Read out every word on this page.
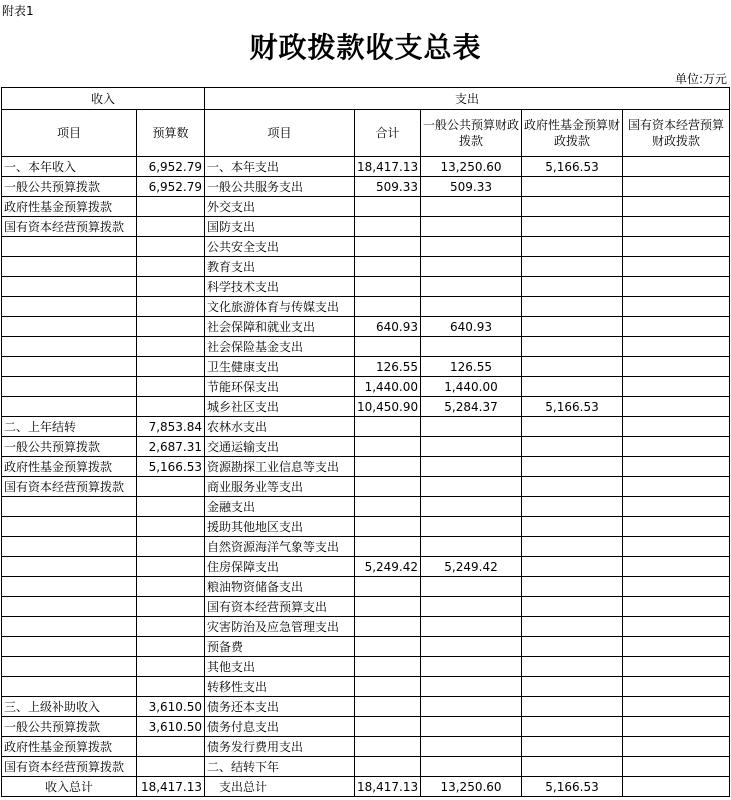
附表1
财政拨款收支总表
单位:万元
收入		支出				
项目	预算数	项目	合计	一般公共预算财政拨款	政府性基金预算财政拨款	国有资本经营预算财政拨款
一、本年收入	6,952.79	一、本年支出	18,417.13	13,250.60	5,166.53	
一般公共预算拨款	6,952.79	一般公共服务支出	509.33	509.33		
政府性基金预算拨款		外交支出				
国有资本经营预算拨款		国防支出				
		公共安全支出				
		教育支出				
		科学技术支出				
		文化旅游体育与传媒支出				
		社会保障和就业支出	640.93	640.93		
		社会保险基金支出				
		卫生健康支出	126.55	126.55		
		节能环保支出	1,440.00	1,440.00		
		城乡社区支出	10,450.90	5,284.37	5,166.53	
二、上年结转	7,853.84	农林水支出				
一般公共预算拨款	2,687.31	交通运输支出				
政府性基金预算拨款	5,166.53	资源勘探工业信息等支出				
国有资本经营预算拨款		商业服务业等支出				
		金融支出				
		援助其他地区支出				
		自然资源海洋气象等支出				
		住房保障支出	5,249.42	5,249.42		
		粮油物资储备支出				
		国有资本经营预算支出				
		灾害防治及应急管理支出				
		预备费				
		其他支出				
		转移性支出				
三、上级补助收入	3,610.50	债务还本支出				
一般公共预算拨款	3,610.50	债务付息支出				
政府性基金预算拨款		债务发行费用支出				
国有资本经营预算拨款		二、结转下年				
收入总计	18,417.13	支出总计	18,417.13	13,250.60	5,166.53	
